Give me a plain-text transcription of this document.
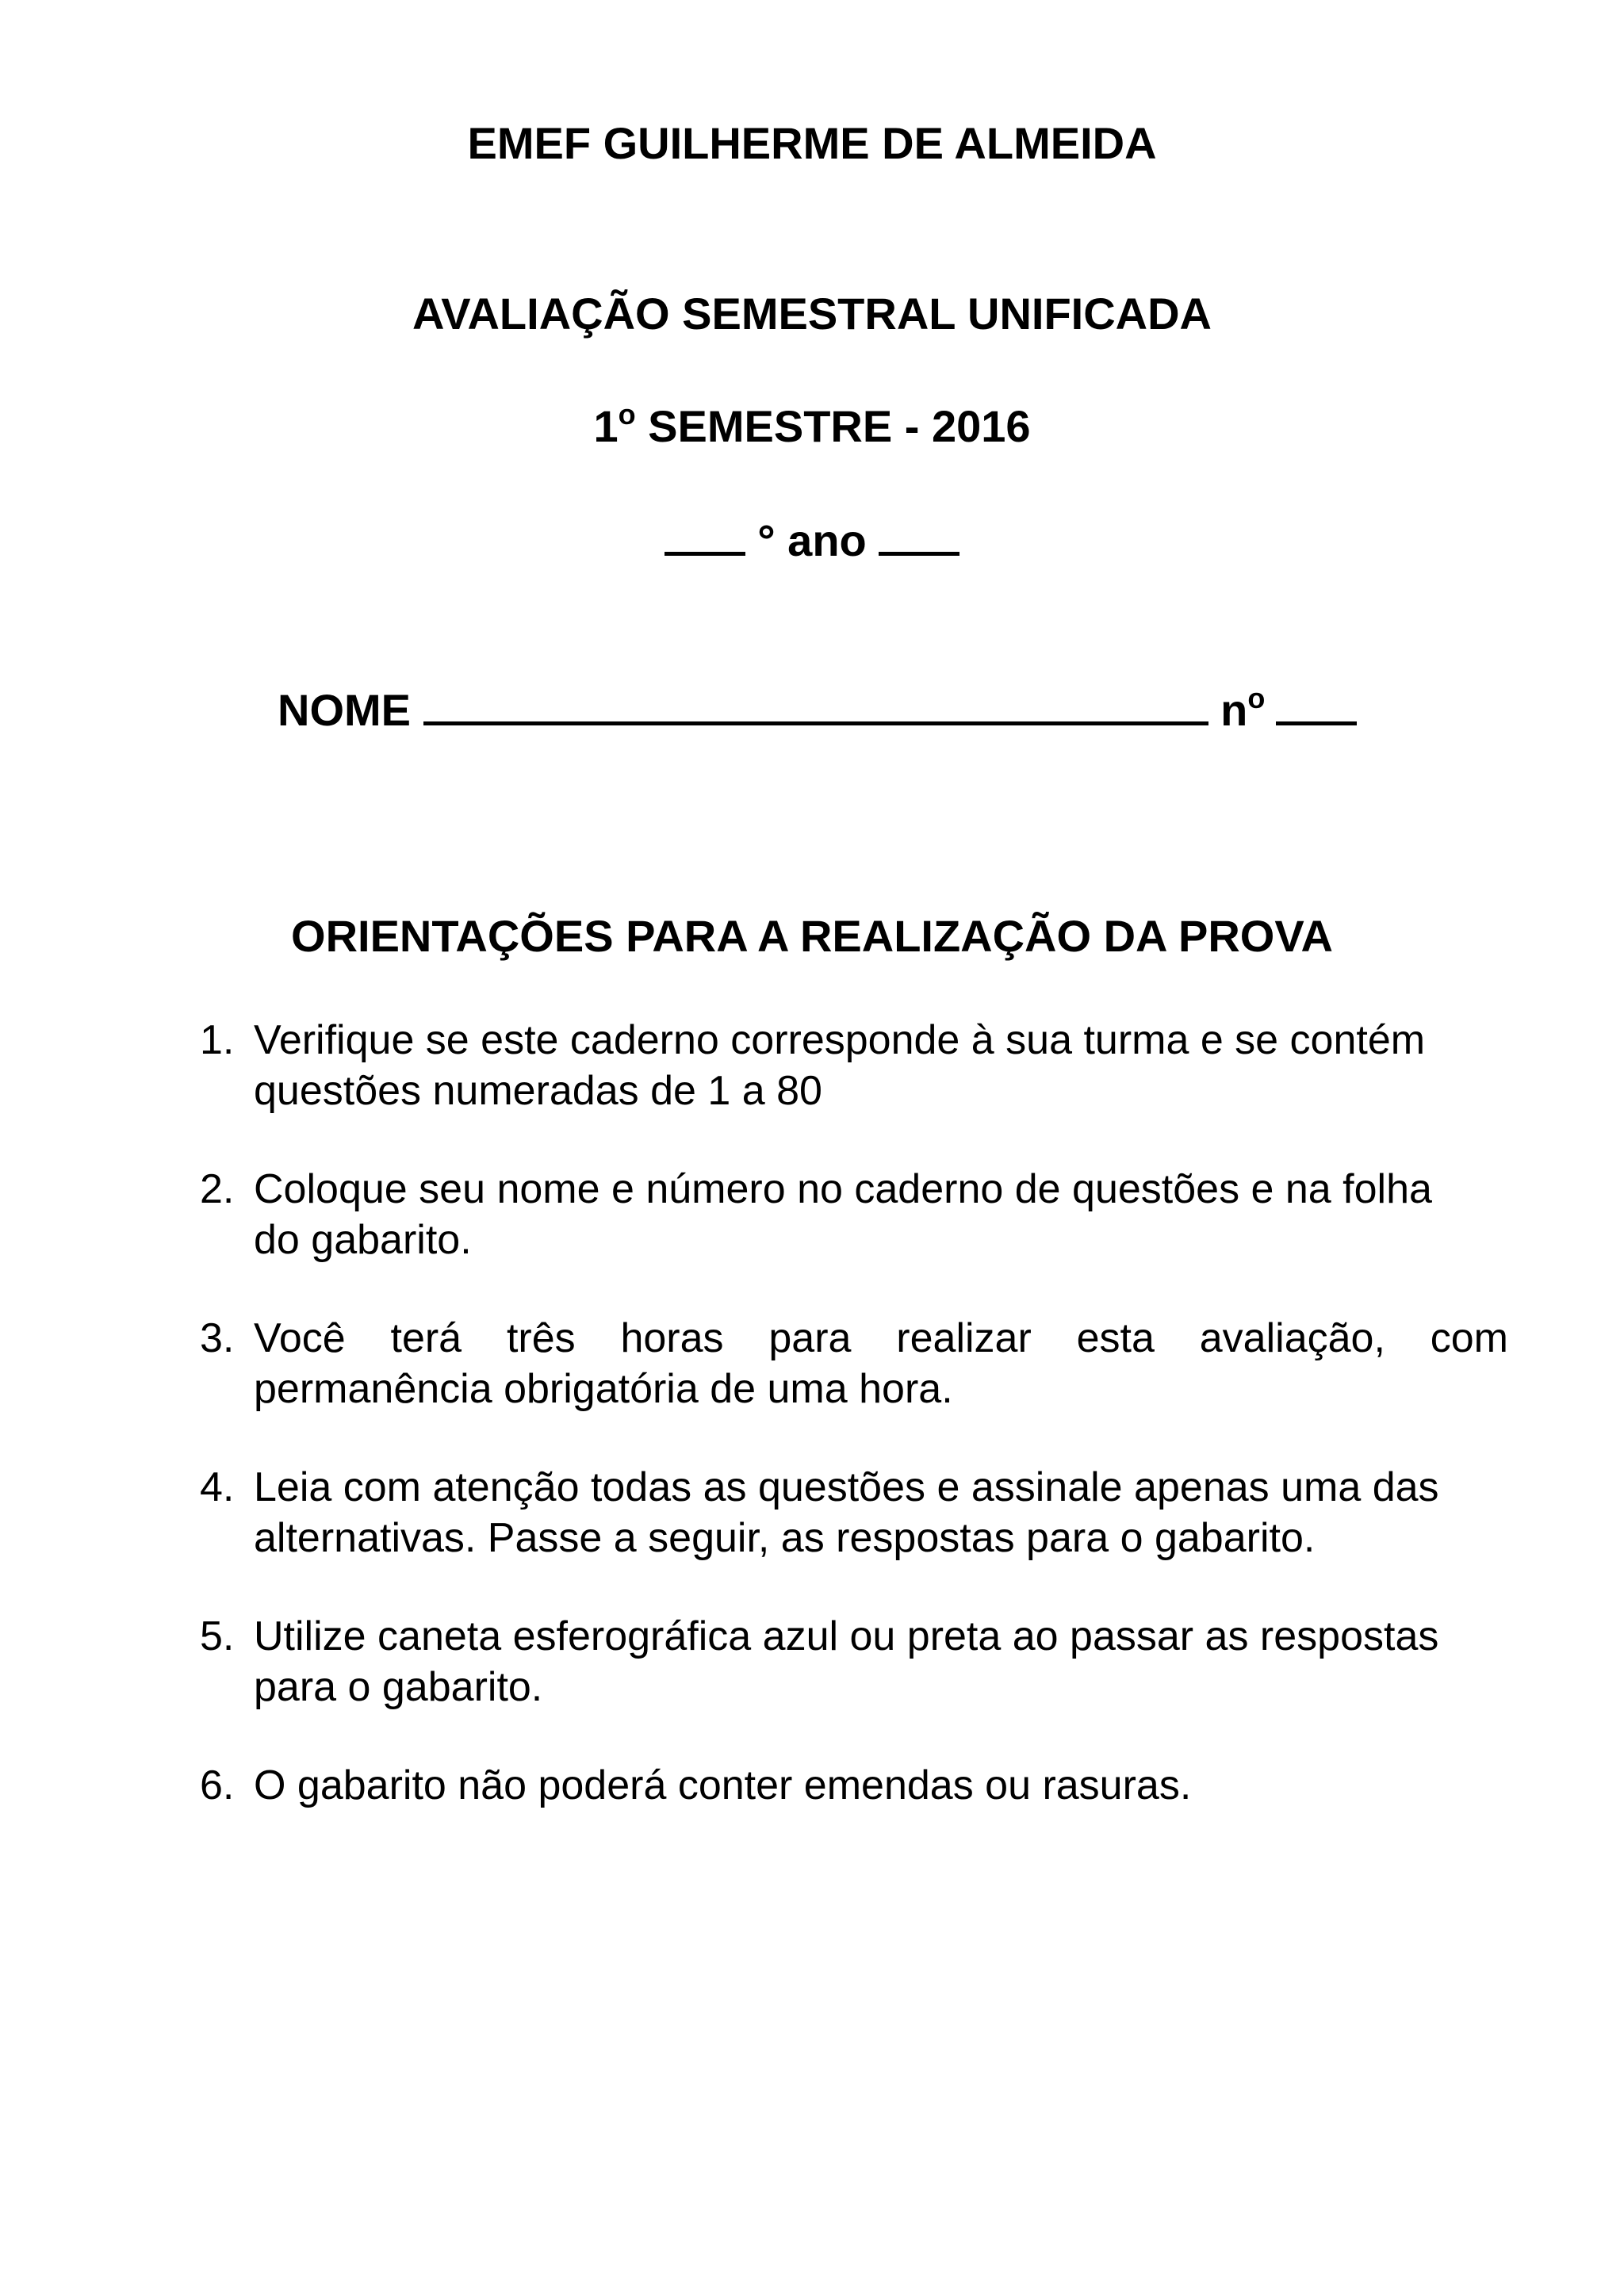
EMEF GUILHERME DE ALMEIDA
AVALIAÇÃO SEMESTRAL UNIFICADA
1$^o$ SEMESTRE - 2016
° ano
NOME	$n^o$
ORIENTAÇÕES PARA A REALIZAÇÃO DA PROVA
1. Verifique se este caderno corresponde à sua turma e se contém
questões numeradas de 1 a 80
2. Coloque seu nome e número no caderno de questões e na folha
do gabarito.
3. Você terá três horas para realizar esta avaliação, com
permanência obrigatória de uma hora.
4. Leia com atenção todas as questões e assinale apenas uma das
alternativas. Passe a seguir, as respostas para o gabarito.
5. Utilize caneta esferográfica azul ou preta ao passar as respostas
para o gabarito.
6. O gabarito não poderá conter emendas ou rasuras.
